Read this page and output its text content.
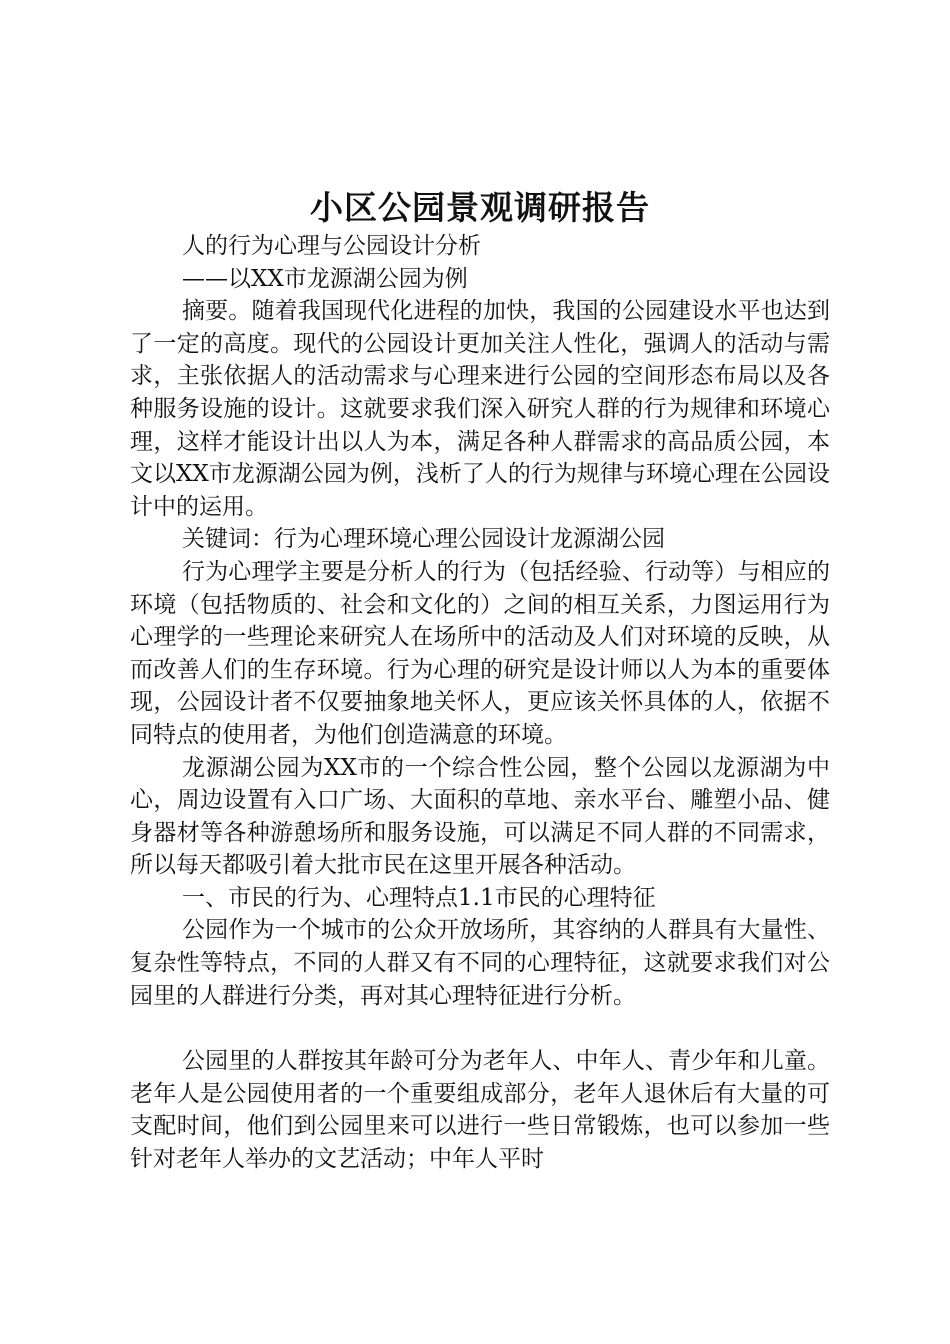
小区公园景观调研报告

人的行为心理与公园设计分析

——以XX市龙源湖公园为例

摘要。随着我国现代化进程的加快，我国的公园建设水平也达到了一定的高度。现代的公园设计更加关注人性化，强调人的活动与需求，主张依据人的活动需求与心理来进行公园的空间形态布局以及各种服务设施的设计。这就要求我们深入研究人群的行为规律和环境心理，这样才能设计出以人为本，满足各种人群需求的高品质公园，本文以XX市龙源湖公园为例，浅析了人的行为规律与环境心理在公园设计中的运用。

关键词：行为心理环境心理公园设计龙源湖公园

行为心理学主要是分析人的行为（包括经验、行动等）与相应的环境（包括物质的、社会和文化的）之间的相互关系，力图运用行为心理学的一些理论来研究人在场所中的活动及人们对环境的反映，从而改善人们的生存环境。行为心理的研究是设计师以人为本的重要体现，公园设计者不仅要抽象地关怀人，更应该关怀具体的人，依据不同特点的使用者，为他们创造满意的环境。

龙源湖公园为XX市的一个综合性公园，整个公园以龙源湖为中心，周边设置有入口广场、大面积的草地、亲水平台、雕塑小品、健身器材等各种游憩场所和服务设施，可以满足不同人群的不同需求，所以每天都吸引着大批市民在这里开展各种活动。

一、市民的行为、心理特点1.1市民的心理特征

公园作为一个城市的公众开放场所，其容纳的人群具有大量性、复杂性等特点，不同的人群又有不同的心理特征，这就要求我们对公园里的人群进行分类，再对其心理特征进行分析。

公园里的人群按其年龄可分为老年人、中年人、青少年和儿童。老年人是公园使用者的一个重要组成部分，老年人退休后有大量的可支配时间，他们到公园里来可以进行一些日常锻炼，也可以参加一些针对老年人举办的文艺活动；中年人平时
